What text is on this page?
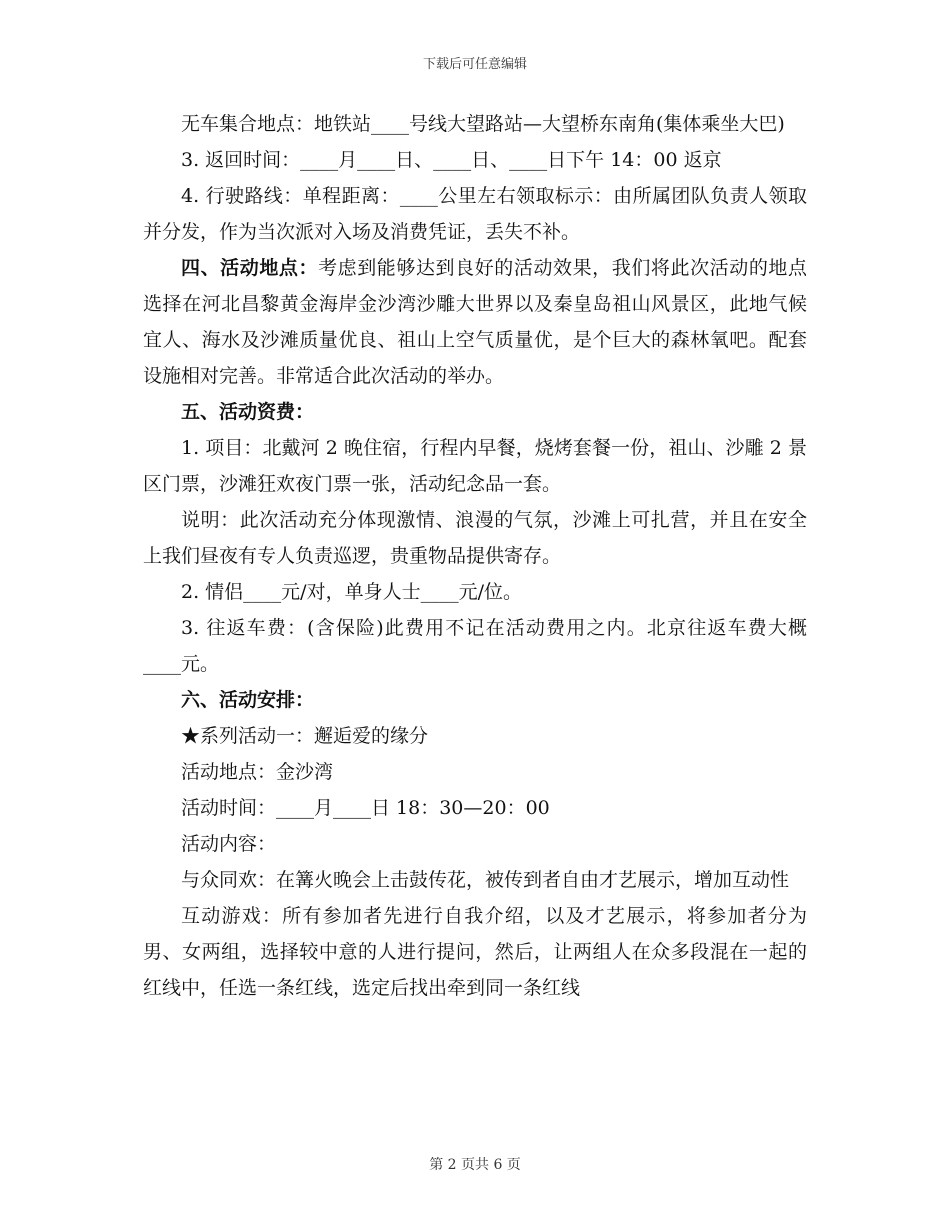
下载后可任意编辑

无车集合地点：地铁站____号线大望路站—大望桥东南角(集体乘坐大巴)

3. 返回时间：____月____日、____日、____日下午 14：00 返京

4. 行驶路线：单程距离：____公里左右领取标示：由所属团队负责人领取并分发，作为当次派对入场及消费凭证，丢失不补。

四、活动地点：考虑到能够达到良好的活动效果，我们将此次活动的地点选择在河北昌黎黄金海岸金沙湾沙雕大世界以及秦皇岛祖山风景区，此地气候宜人、海水及沙滩质量优良、祖山上空气质量优，是个巨大的森林氧吧。配套设施相对完善。非常适合此次活动的举办。

五、活动资费：

1. 项目：北戴河 2 晚住宿，行程内早餐，烧烤套餐一份，祖山、沙雕 2 景区门票，沙滩狂欢夜门票一张，活动纪念品一套。

说明：此次活动充分体现激情、浪漫的气氛，沙滩上可扎营，并且在安全上我们昼夜有专人负责巡逻，贵重物品提供寄存。

2. 情侣____元/对，单身人士____元/位。

3. 往返车费：(含保险)此费用不记在活动费用之内。北京往返车费大概____元。

六、活动安排：

★系列活动一：邂逅爱的缘分

活动地点：金沙湾

活动时间：____月____日 18：30—20：00

活动内容：

与众同欢：在篝火晚会上击鼓传花，被传到者自由才艺展示，增加互动性

互动游戏：所有参加者先进行自我介绍，以及才艺展示，将参加者分为男、女两组，选择较中意的人进行提问，然后，让两组人在众多段混在一起的红线中，任选一条红线，选定后找出牵到同一条红线

第 2 页共 6 页
